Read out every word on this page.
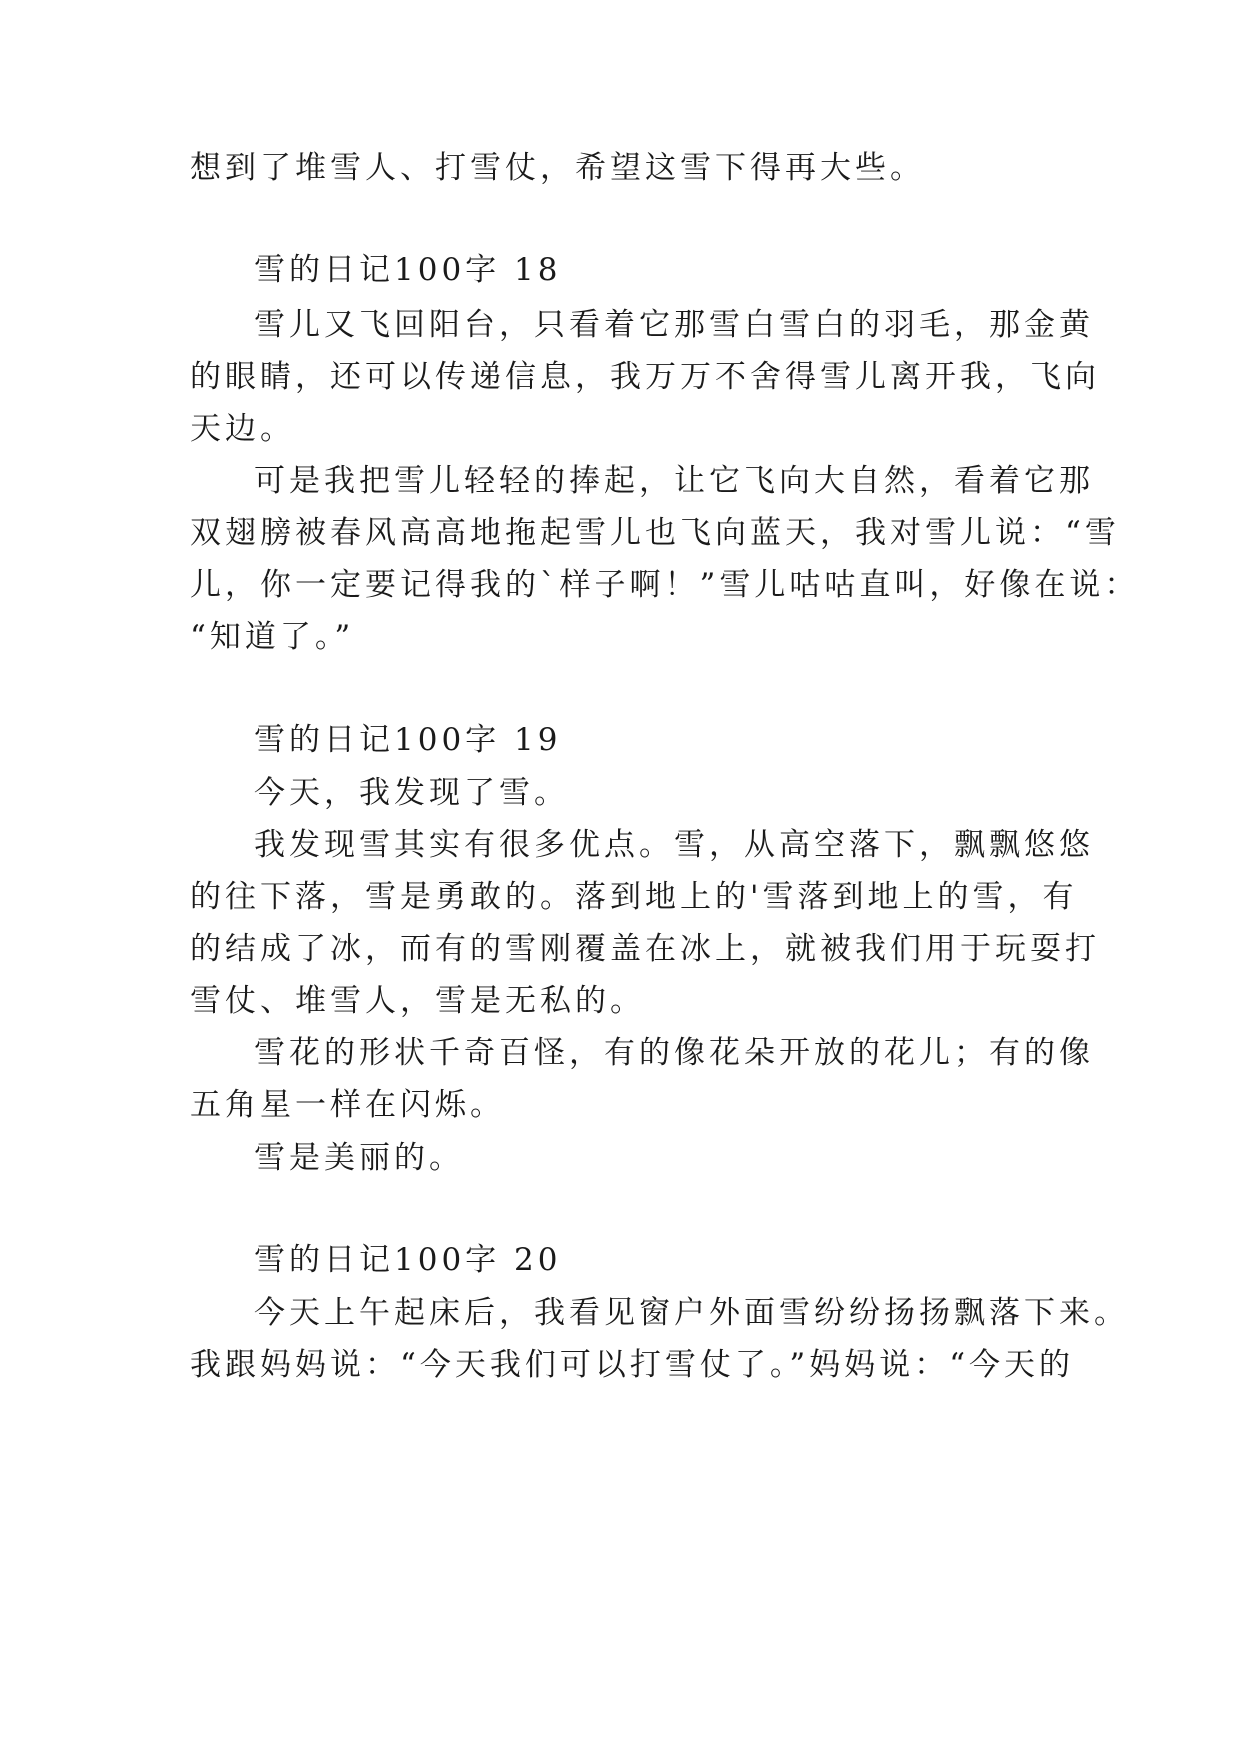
想到了堆雪人、打雪仗，希望这雪下得再大些。
雪的日记100字 18
雪儿又飞回阳台，只看着它那雪白雪白的羽毛，那金黄
的眼睛，还可以传递信息，我万万不舍得雪儿离开我，飞向
天边。
可是我把雪儿轻轻的捧起，让它飞向大自然，看着它那
双翅膀被春风高高地拖起雪儿也飞向蓝天，我对雪儿说：“雪
儿，你一定要记得我的`样子啊！”雪儿咕咕直叫，好像在说：
“知道了。”
雪的日记100字 19
今天，我发现了雪。
我发现雪其实有很多优点。雪，从高空落下，飘飘悠悠
的往下落，雪是勇敢的。落到地上的'雪落到地上的雪，有
的结成了冰，而有的雪刚覆盖在冰上，就被我们用于玩耍打
雪仗、堆雪人，雪是无私的。
雪花的形状千奇百怪，有的像花朵开放的花儿；有的像
五角星一样在闪烁。
雪是美丽的。
雪的日记100字 20
今天上午起床后，我看见窗户外面雪纷纷扬扬飘落下来。
我跟妈妈说：“今天我们可以打雪仗了。”妈妈说：“今天的
